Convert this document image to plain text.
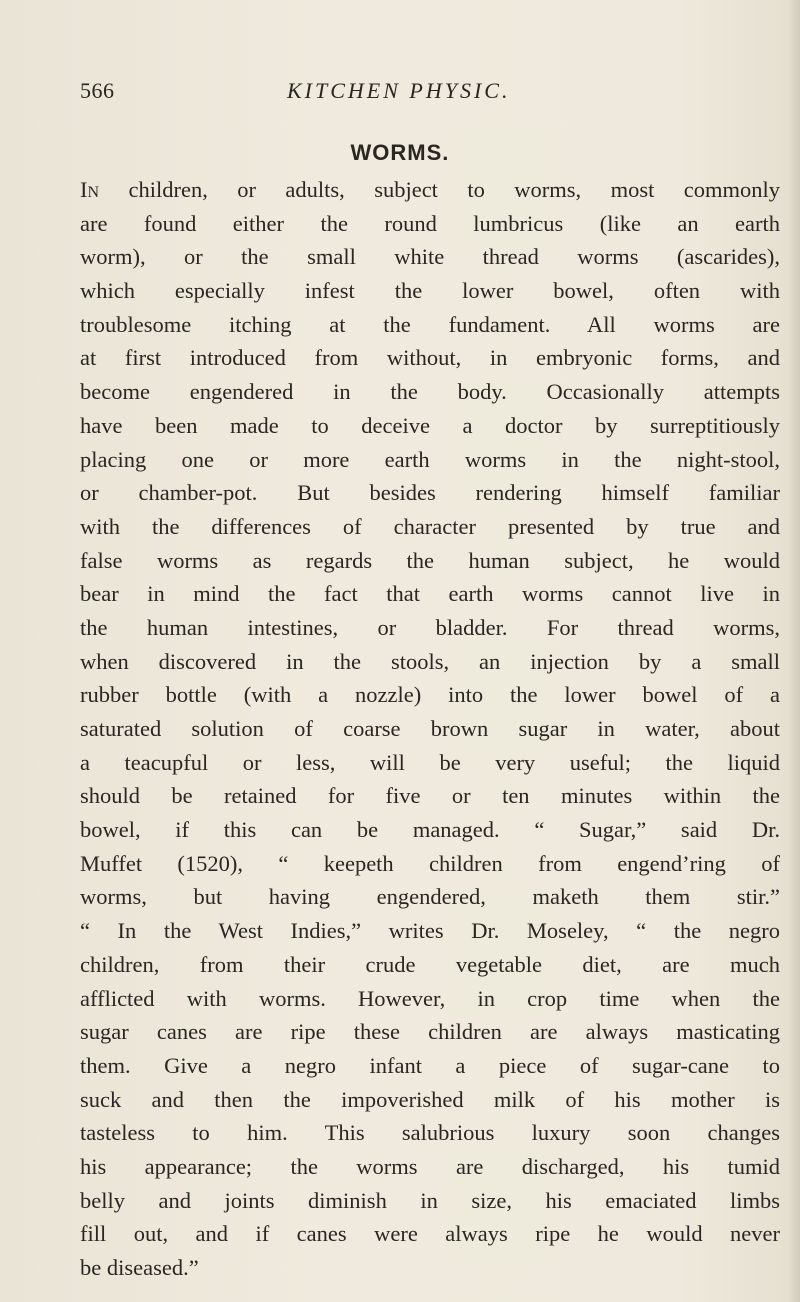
566	KITCHEN PHYSIC.
WORMS.
In children, or adults, subject to worms, most commonly
are found either the round lumbricus (like an earth
worm), or the small white thread worms (ascarides),
which especially infest the lower bowel, often with
troublesome itching at the fundament. All worms are
at first introduced from without, in embryonic forms, and
become engendered in the body. Occasionally attempts
have been made to deceive a doctor by surreptitiously
placing one or more earth worms in the night-stool,
or chamber-pot. But besides rendering himself familiar
with the differences of character presented by true and
false worms as regards the human subject, he would
bear in mind the fact that earth worms cannot live in
the human intestines, or bladder. For thread worms,
when discovered in the stools, an injection by a small
rubber bottle (with a nozzle) into the lower bowel of a
saturated solution of coarse brown sugar in water, about
a teacupful or less, will be very useful; the liquid
should be retained for five or ten minutes within the
bowel, if this can be managed. “ Sugar,” said Dr.
Muffet (1520), “ keepeth children from engend’ring of
worms, but having engendered, maketh them stir.”
“ In the West Indies,” writes Dr. Moseley, “ the negro
children, from their crude vegetable diet, are much
afflicted with worms. However, in crop time when the
sugar canes are ripe these children are always masticating
them. Give a negro infant a piece of sugar-cane to
suck and then the impoverished milk of his mother is
tasteless to him. This salubrious luxury soon changes
his appearance; the worms are discharged, his tumid
belly and joints diminish in size, his emaciated limbs
fill out, and if canes were always ripe he would never
be diseased.”
